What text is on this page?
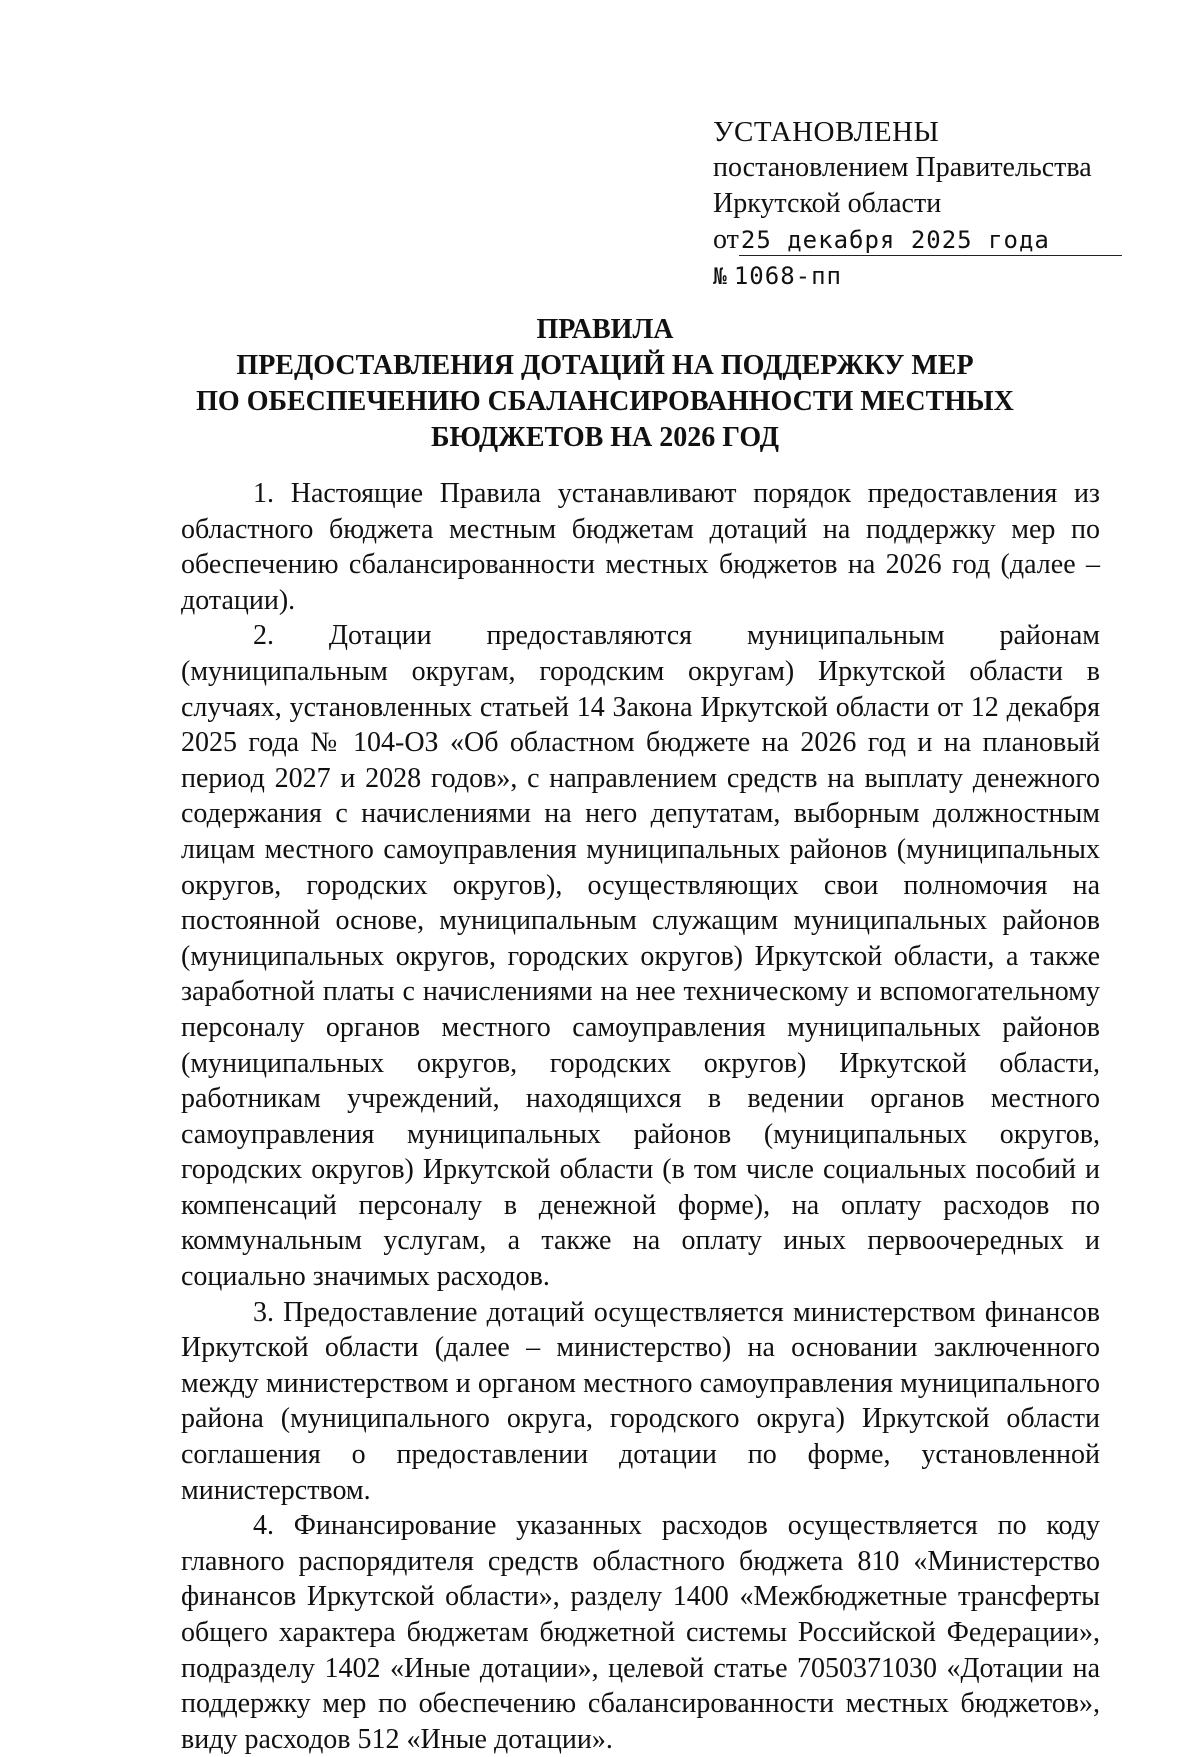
УСТАНОВЛЕНЫ
постановлением Правительства
Иркутской области
от25 декабря 2025 года
№ 1068-пп
ПРАВИЛА
ПРЕДОСТАВЛЕНИЯ ДОТАЦИЙ НА ПОДДЕРЖКУ МЕР
ПО ОБЕСПЕЧЕНИЮ СБАЛАНСИРОВАННОСТИ МЕСТНЫХ
БЮДЖЕТОВ НА 2026 ГОД

1. Настоящие Правила устанавливают порядок предоставления из областного бюджета местным бюджетам дотаций на поддержку мер по обеспечению сбалансированности местных бюджетов на 2026 год (далее – дотации).

2. Дотации предоставляются муниципальным районам (муниципальным округам, городским округам) Иркутской области в случаях, установленных статьей 14 Закона Иркутской области от 12 декабря 2025 года № 104-ОЗ «Об областном бюджете на 2026 год и на плановый период 2027 и 2028 годов», с направлением средств на выплату денежного содержания с начислениями на него депутатам, выборным должностным лицам местного самоуправления муниципальных районов (муниципальных округов, городских округов), осуществляющих свои полномочия на постоянной основе, муниципальным служащим муниципальных районов (муниципальных округов, городских округов) Иркутской области, а также заработной платы с начислениями на нее техническому и вспомогательному персоналу органов местного самоуправления муниципальных районов (муниципальных округов, городских округов) Иркутской области, работникам учреждений, находящихся в ведении органов местного самоуправления муниципальных районов (муниципальных округов, городских округов) Иркутской области (в том числе социальных пособий и компенсаций персоналу в денежной форме), на оплату расходов по коммунальным услугам, а также на оплату иных первоочередных и социально значимых расходов.

3. Предоставление дотаций осуществляется министерством финансов Иркутской области (далее – министерство) на основании заключенного между министерством и органом местного самоуправления муниципального района (муниципального округа, городского округа) Иркутской области соглашения о предоставлении дотации по форме, установленной министерством.

4. Финансирование указанных расходов осуществляется по коду главного распорядителя средств областного бюджета 810 «Министерство финансов Иркутской области», разделу 1400 «Межбюджетные трансферты общего характера бюджетам бюджетной системы Российской Федерации», подразделу 1402 «Иные дотации», целевой статье 7050371030 «Дотации на поддержку мер по обеспечению сбалансированности местных бюджетов», виду расходов 512 «Иные дотации».
